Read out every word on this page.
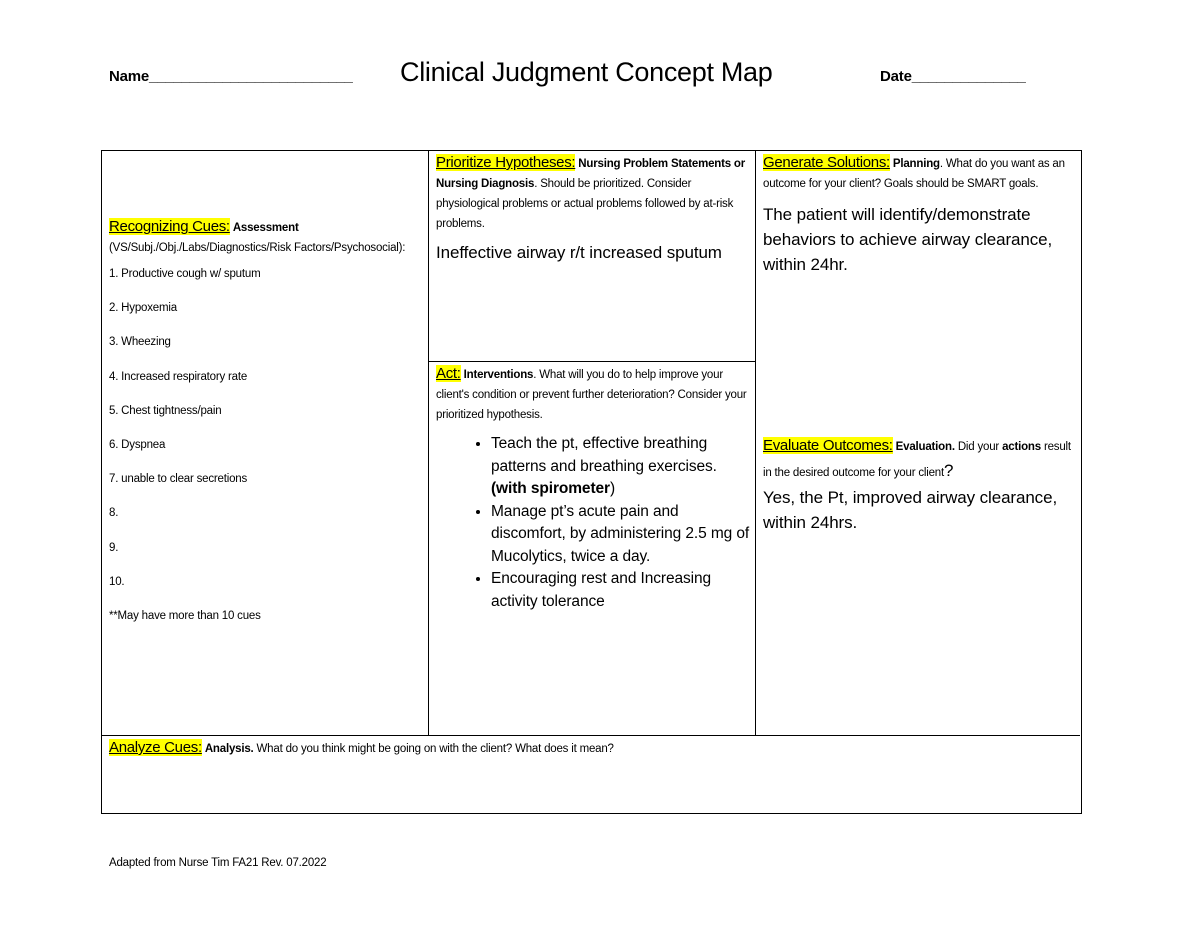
Name_________________________ Clinical Judgment Concept Map	Date______________
Recognizing Cues: Assessment
(VS/Subj./Obj./Labs/Diagnostics/Risk Factors/Psychosocial):
1. Productive cough w/ sputum
2. Hypoxemia
3. Wheezing
4. Increased respiratory rate
5. Chest tightness/pain
6. Dyspnea
7. unable to clear secretions
8.
9.
10.
**May have more than 10 cues
Prioritize Hypotheses: Nursing Problem Statements or Nursing Diagnosis. Should be prioritized. Consider physiological problems or actual problems followed by at-risk problems.
Ineffective airway r/t increased sputum
Act: Interventions. What will you do to help improve your client's condition or prevent further deterioration? Consider your prioritized hypothesis.
• Teach the pt, effective breathing patterns and breathing exercises. (with spirometer)
• Manage pt’s acute pain and discomfort, by administering 2.5 mg of Mucolytics, twice a day.
• Encouraging rest and Increasing activity tolerance
Generate Solutions: Planning. What do you want as an outcome for your client? Goals should be SMART goals.
The patient will identify/demonstrate behaviors to achieve airway clearance, within 24hr.
Evaluate Outcomes: Evaluation. Did your actions result in the desired outcome for your client?
Yes, the Pt, improved airway clearance, within 24hrs.
Analyze Cues: Analysis. What do you think might be going on with the client? What does it mean?
Adapted from Nurse Tim FA21 Rev. 07.2022
